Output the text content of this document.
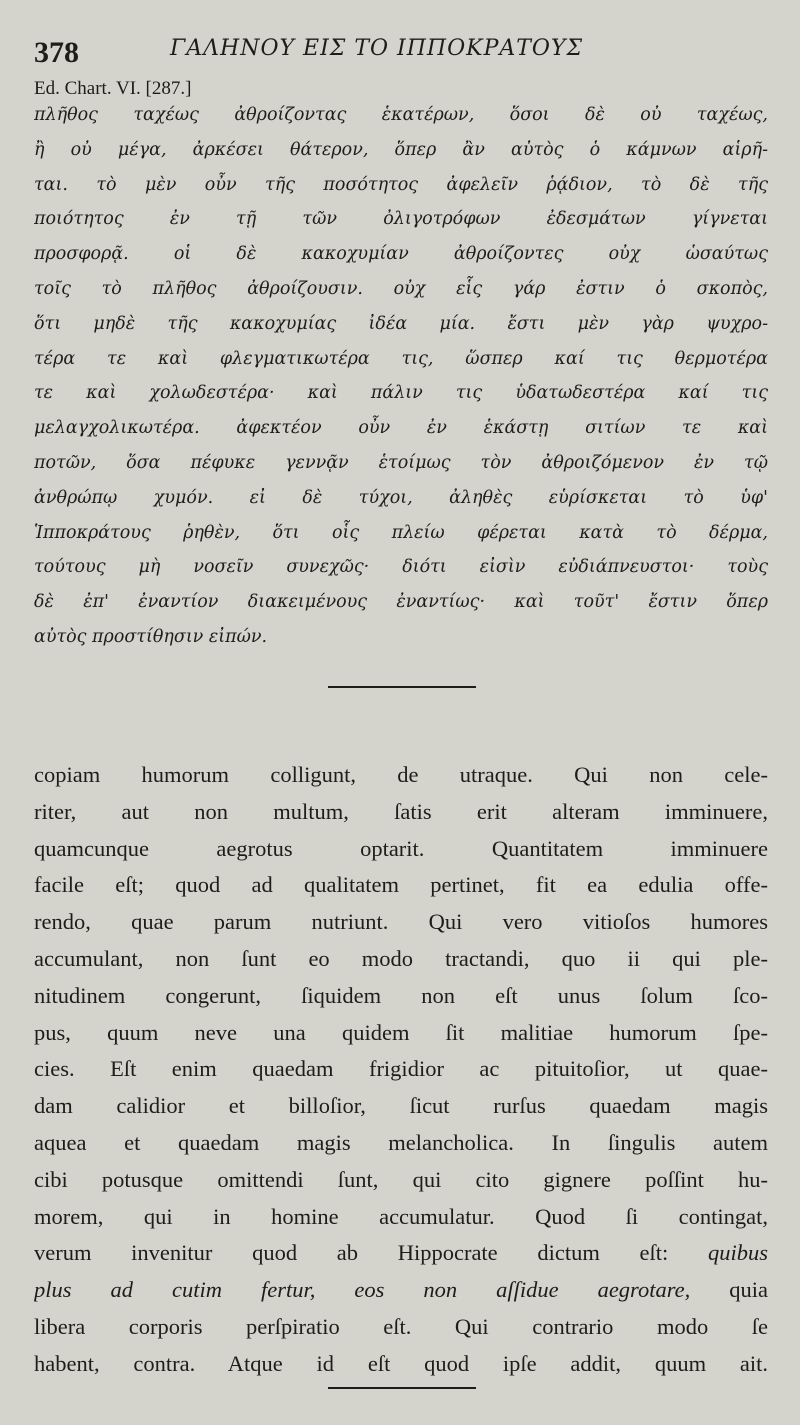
378	ΓΑΛΗΝΟΥ ΕΙΣ ΤΟ ΙΠΠΟΚΡΑΤΟΥΣ
Ed. Chart. VI. [287.]
πλῆθος ταχέως ἀθροίζοντας ἑκατέρων, ὅσοι δὲ οὐ ταχέως,
ἢ οὐ μέγα, ἀρκέσει θάτερον, ὅπερ ἂν αὐτὸς ὁ κάμνων αἱρῆ-
ται. τὸ μὲν οὖν τῆς ποσότητος ἀφελεῖν ῥᾴδιον, τὸ δὲ τῆς
ποιότητος ἐν τῇ τῶν ὀλιγοτρόφων ἐδεσμάτων γίγνεται
προσφορᾷ. οἱ δὲ κακοχυμίαν ἀθροίζοντες οὐχ ὡσαύτως
τοῖς τὸ πλῆθος ἀθροίζουσιν. οὐχ εἷς γάρ ἐστιν ὁ σκοπὸς,
ὅτι μηδὲ τῆς κακοχυμίας ἰδέα μία. ἔστι μὲν γὰρ ψυχρο-
τέρα τε καὶ φλεγματικωτέρα τις, ὥσπερ καί τις θερμοτέρα
τε καὶ χολωδεστέρα· καὶ πάλιν τις ὑδατωδεστέρα καί τις
μελαγχολικωτέρα. ἀφεκτέον οὖν ἐν ἑκάστῃ σιτίων τε καὶ
ποτῶν, ὅσα πέφυκε γεννᾷν ἑτοίμως τὸν ἀθροιζόμενον ἐν τῷ
ἀνθρώπῳ χυμόν. εἰ δὲ τύχοι, ἀληθὲς εὑρίσκεται τὸ ὑφ'
Ἱπποκράτους ῥηθὲν, ὅτι οἷς πλείω φέρεται κατὰ τὸ δέρμα,
τούτους μὴ νοσεῖν συνεχῶς· διότι εἰσὶν εὐδιάπνευστοι· τοὺς
δὲ ἐπ' ἐναντίον διακειμένους ἐναντίως· καὶ τοῦτ' ἔστιν ὅπερ
αὐτὸς προστίθησιν εἰπών.
copiam humorum colligunt, de utraque. Qui non cele-
riter, aut non multum, ſatis erit alteram imminuere,
quamcunque aegrotus optarit. Quantitatem imminuere
facile eſt; quod ad qualitatem pertinet, fit ea edulia offe-
rendo, quae parum nutriunt. Qui vero vitioſos humores
accumulant, non ſunt eo modo tractandi, quo ii qui ple-
nitudinem congerunt, ſiquidem non eſt unus ſolum ſco-
pus, quum neve una quidem ſit malitiae humorum ſpe-
cies. Eſt enim quaedam frigidior ac pituitoſior, ut quae-
dam calidior et billoſior, ſicut rurſus quaedam magis
aquea et quaedam magis melancholica. In ſingulis autem
cibi potusque omittendi ſunt, qui cito gignere poſſint hu-
morem, qui in homine accumulatur. Quod ſi contingat,
verum invenitur quod ab Hippocrate dictum eſt: quibus
plus ad cutim fertur, eos non aſſidue aegrotare, quia
libera corporis perſpiratio eſt. Qui contrario modo ſe
habent, contra. Atque id eſt quod ipſe addit, quum ait.
